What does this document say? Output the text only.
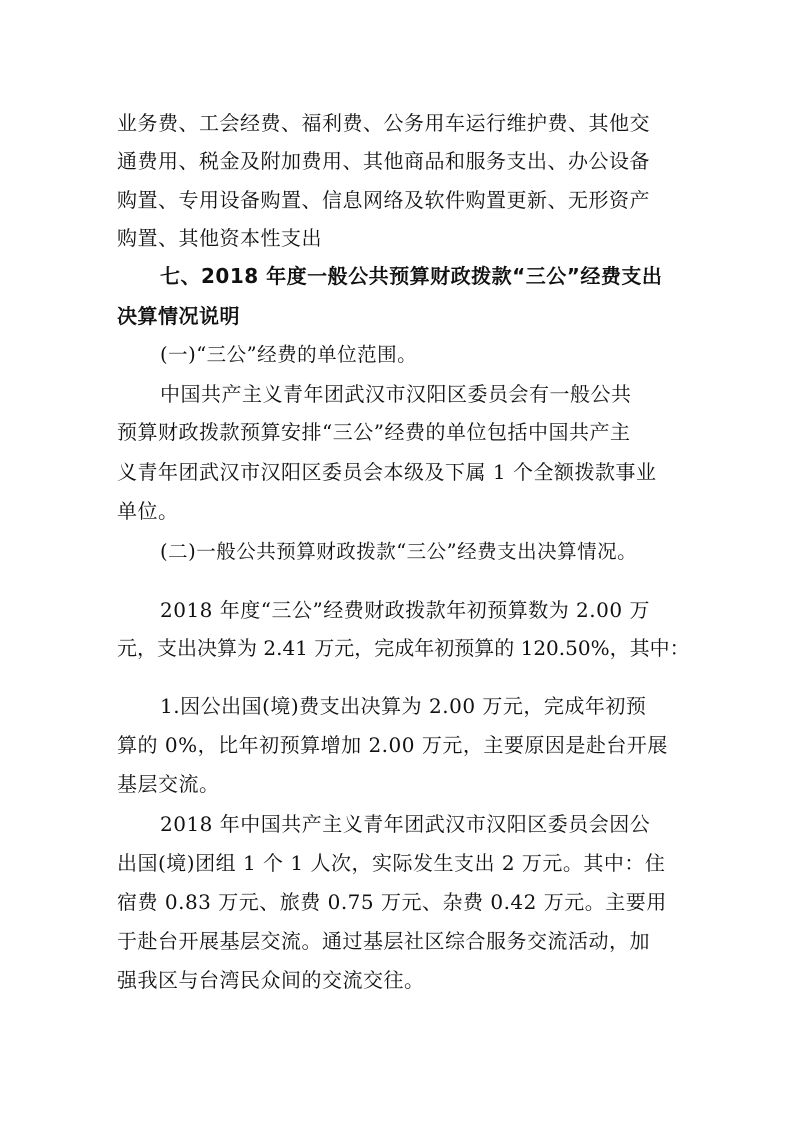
业务费、工会经费、福利费、公务用车运行维护费、其他交
通费用、税金及附加费用、其他商品和服务支出、办公设备
购置、专用设备购置、信息网络及软件购置更新、无形资产
购置、其他资本性支出
七、2018 年度一般公共预算财政拨款“三公”经费支出
决算情况说明
(一)“三公”经费的单位范围。
中国共产主义青年团武汉市汉阳区委员会有一般公共
预算财政拨款预算安排“三公”经费的单位包括中国共产主
义青年团武汉市汉阳区委员会本级及下属 1 个全额拨款事业
单位。
(二)一般公共预算财政拨款“三公”经费支出决算情况。
2018 年度“三公”经费财政拨款年初预算数为 2.00 万
元，支出决算为 2.41 万元，完成年初预算的 120.50%，其中：
1.因公出国(境)费支出决算为 2.00 万元，完成年初预
算的 0%，比年初预算增加 2.00 万元，主要原因是赴台开展
基层交流。
2018 年中国共产主义青年团武汉市汉阳区委员会因公
出国(境)团组 1 个 1 人次，实际发生支出 2 万元。其中：住
宿费 0.83 万元、旅费 0.75 万元、杂费 0.42 万元。主要用
于赴台开展基层交流。通过基层社区综合服务交流活动，加
强我区与台湾民众间的交流交往。
